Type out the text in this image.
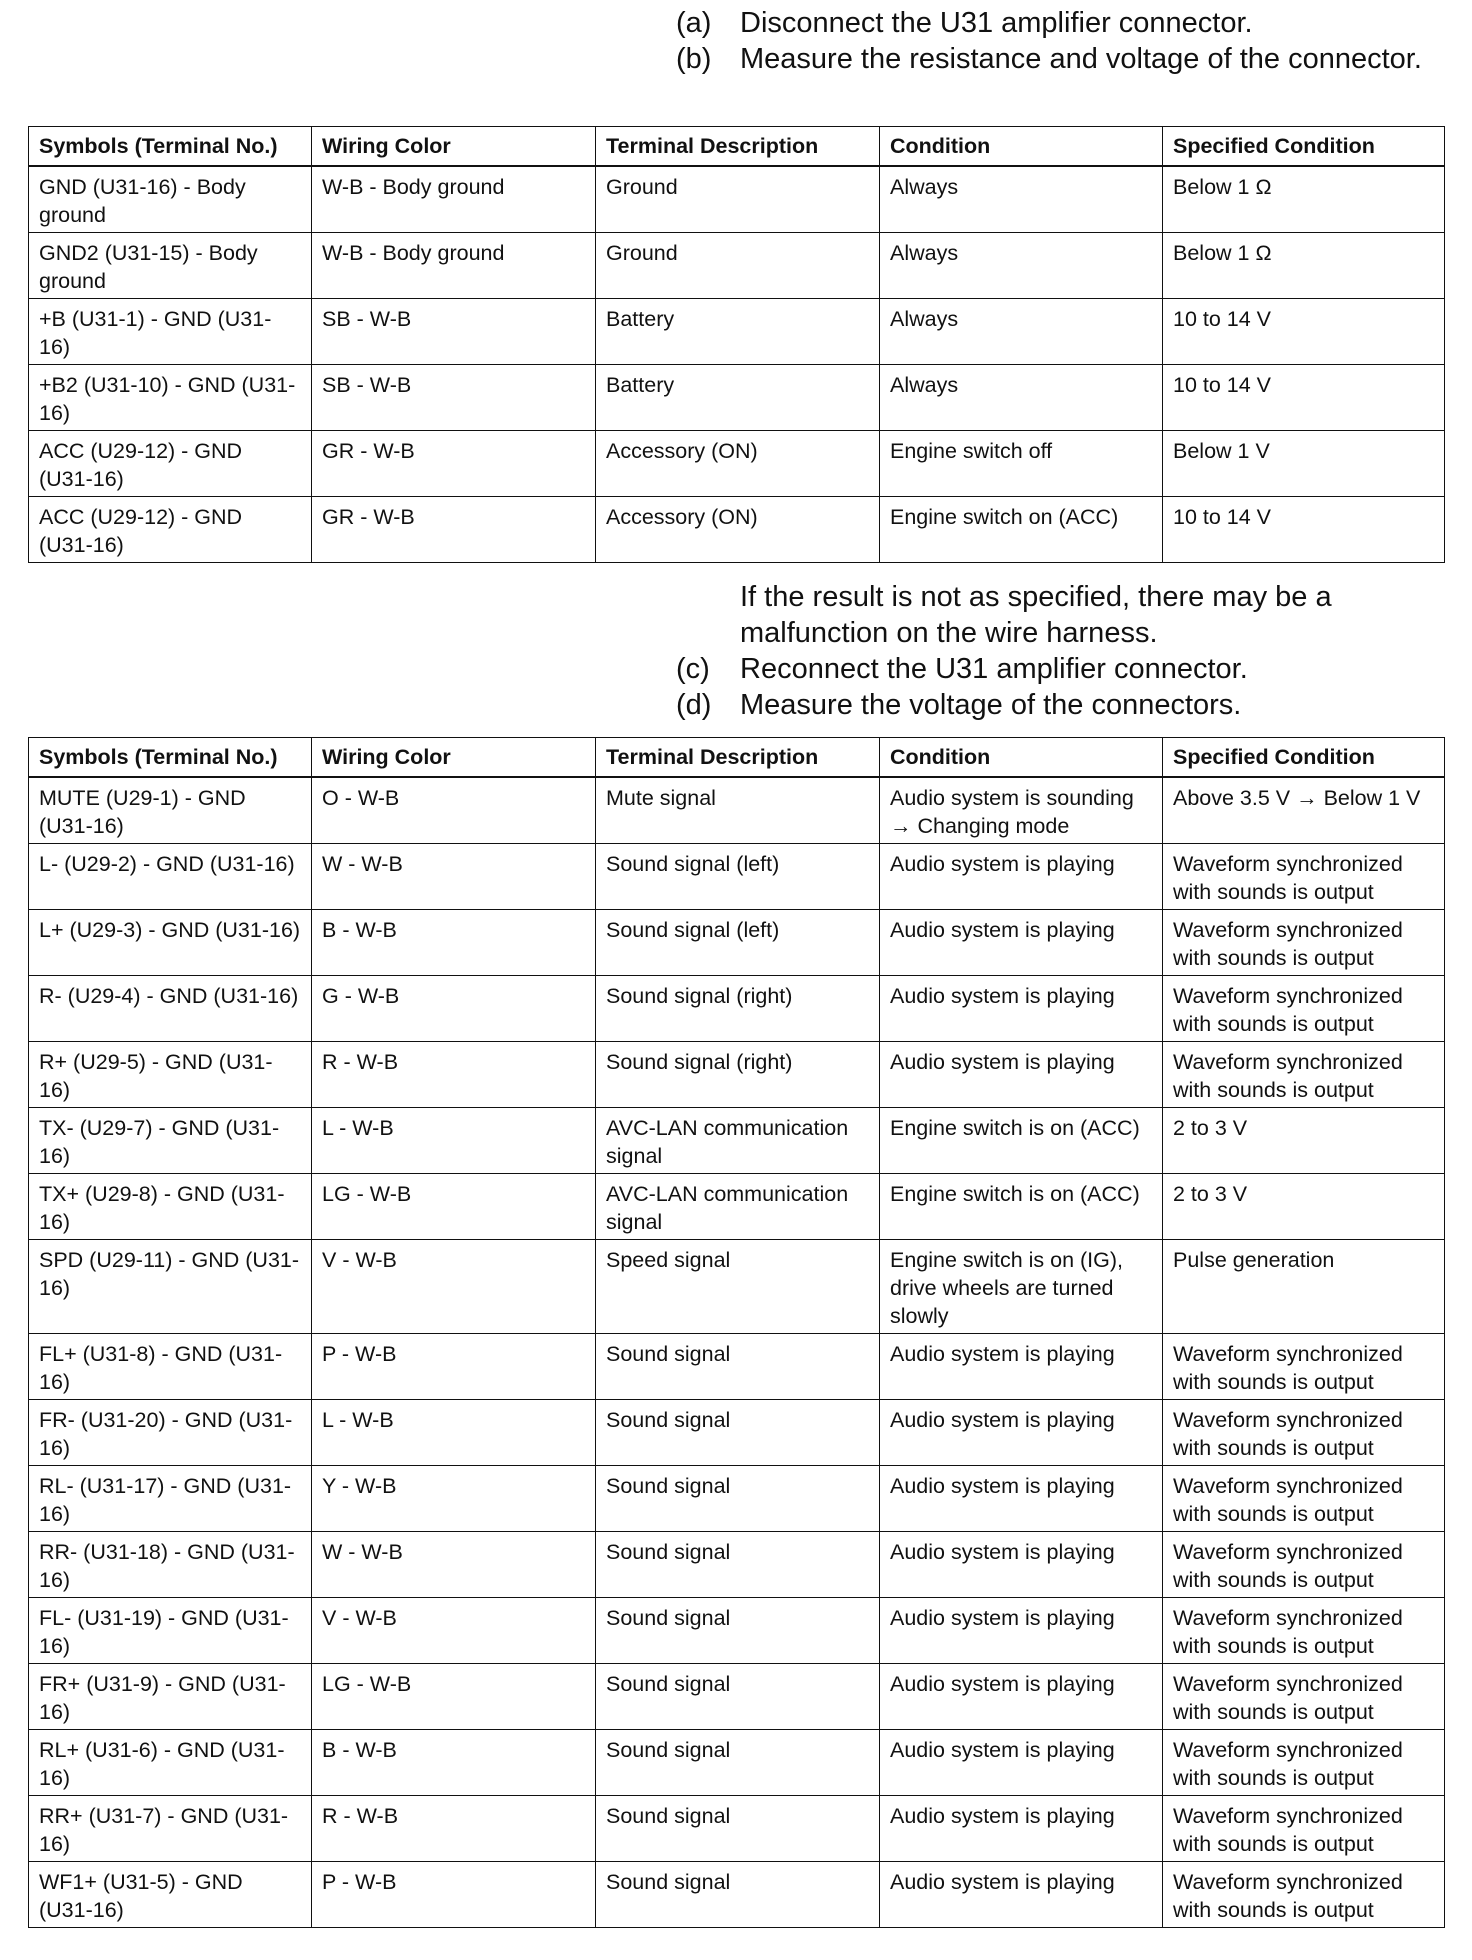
(a) Disconnect the U31 amplifier connector.
(b) Measure the resistance and voltage of the connector.
Symbols (Terminal No.)	Wiring Color	Terminal Description	Condition	Specified Condition
GND (U31-16) - Body ground	W-B - Body ground	Ground	Always	Below 1 Ω
GND2 (U31-15) - Body ground	W-B - Body ground	Ground	Always	Below 1 Ω
+B (U31-1) - GND (U31-16)	SB - W-B	Battery	Always	10 to 14 V
+B2 (U31-10) - GND (U31-16)	SB - W-B	Battery	Always	10 to 14 V
ACC (U29-12) - GND (U31-16)	GR - W-B	Accessory (ON)	Engine switch off	Below 1 V
ACC (U29-12) - GND (U31-16)	GR - W-B	Accessory (ON)	Engine switch on (ACC)	10 to 14 V
If the result is not as specified, there may be a malfunction on the wire harness.
(c)	Reconnect the U31 amplifier connector.
(d) Measure the voltage of the connectors.
Symbols (Terminal No.)	Wiring Color	Terminal Description	Condition	Specified Condition
MUTE (U29-1) - GND (U31-16)	O - W-B	Mute signal	Audio system is sounding → Changing mode	Above 3.5 V → Below 1 V
L- (U29-2) - GND (U31-16)	W - W-B	Sound signal (left)	Audio system is playing	Waveform synchronized with sounds is output
L+ (U29-3) - GND (U31-16)	B - W-B	Sound signal (left)	Audio system is playing	Waveform synchronized with sounds is output
R- (U29-4) - GND (U31-16)	G - W-B	Sound signal (right)	Audio system is playing	Waveform synchronized with sounds is output
R+ (U29-5) - GND (U31-16)	R - W-B	Sound signal (right)	Audio system is playing	Waveform synchronized with sounds is output
TX- (U29-7) - GND (U31-16)	L - W-B	AVC-LAN communication signal	Engine switch is on (ACC)	2 to 3 V
TX+ (U29-8) - GND (U31-16)	LG - W-B	AVC-LAN communication signal	Engine switch is on (ACC)	2 to 3 V
SPD (U29-11) - GND (U31-16)	V - W-B	Speed signal	Engine switch is on (IG), drive wheels are turned slowly	Pulse generation
FL+ (U31-8) - GND (U31-16)	P - W-B	Sound signal	Audio system is playing	Waveform synchronized with sounds is output
FR- (U31-20) - GND (U31-16)	L - W-B	Sound signal	Audio system is playing	Waveform synchronized with sounds is output
RL- (U31-17) - GND (U31-16)	Y - W-B	Sound signal	Audio system is playing	Waveform synchronized with sounds is output
RR- (U31-18) - GND (U31-16)	W - W-B	Sound signal	Audio system is playing	Waveform synchronized with sounds is output
FL- (U31-19) - GND (U31-16)	V - W-B	Sound signal	Audio system is playing	Waveform synchronized with sounds is output
FR+ (U31-9) - GND (U31-16)	LG - W-B	Sound signal	Audio system is playing	Waveform synchronized with sounds is output
RL+ (U31-6) - GND (U31-16)	B - W-B	Sound signal	Audio system is playing	Waveform synchronized with sounds is output
RR+ (U31-7) - GND (U31-16)	R - W-B	Sound signal	Audio system is playing	Waveform synchronized with sounds is output
WF1+ (U31-5) - GND (U31-16)	P - W-B	Sound signal	Audio system is playing	Waveform synchronized with sounds is output
